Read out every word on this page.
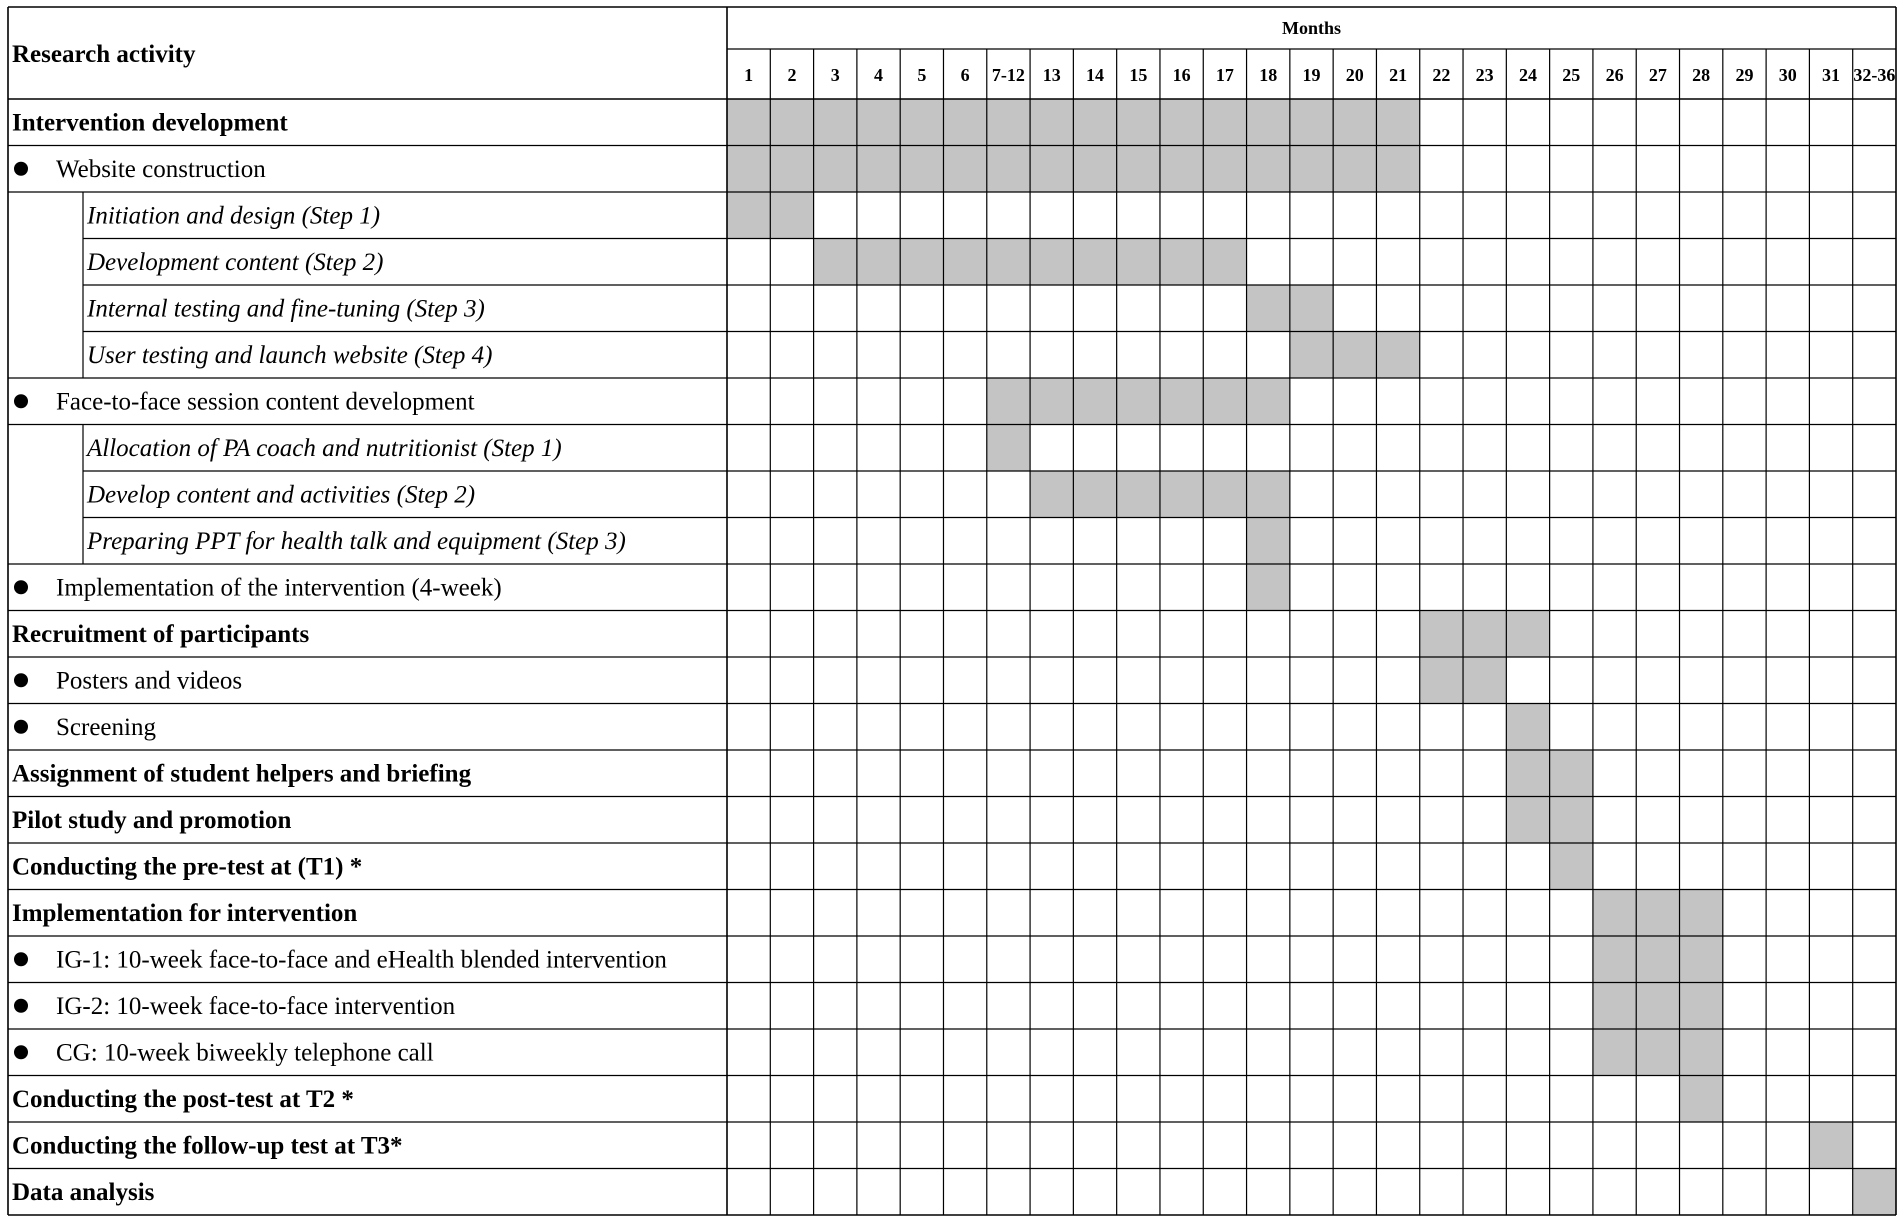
Research activity
Months
1 2 3 4 5 6 7-12 13 14 15 16 17 18 19 20 21 22 23 24 25 26 27 28 29 30 31 32-36
Intervention development
Website construction
Initiation and design (Step 1)
Development content (Step 2)
Internal testing and fine-tuning (Step 3)
User testing and launch website (Step 4)
Face-to-face session content development
Allocation of PA coach and nutritionist (Step 1)
Develop content and activities (Step 2)
Preparing PPT for health talk and equipment (Step 3)
Implementation of the intervention (4-week)
Recruitment of participants
Posters and videos
Screening
Assignment of student helpers and briefing
Pilot study and promotion
Conducting the pre-test at (T1) *
Implementation for intervention
IG-1: 10-week face-to-face and eHealth blended intervention
IG-2: 10-week face-to-face intervention
CG: 10-week biweekly telephone call
Conducting the post-test at T2 *
Conducting the follow-up test at T3*
Data analysis
